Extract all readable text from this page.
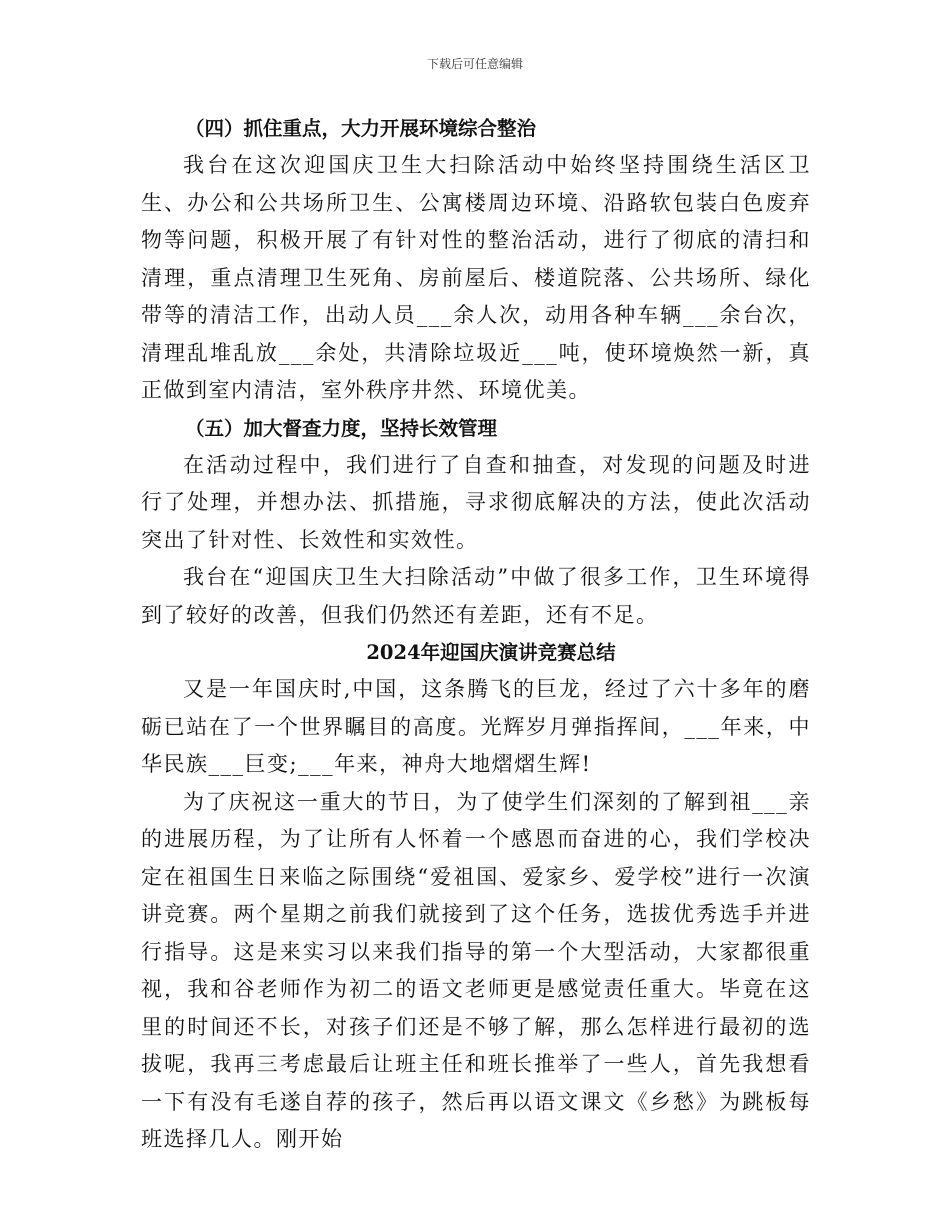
下载后可任意编辑
（四）抓住重点，大力开展环境综合整治

我台在这次迎国庆卫生大扫除活动中始终坚持围绕生活区卫生、办公和公共场所卫生、公寓楼周边环境、沿路软包装白色废弃物等问题，积极开展了有针对性的整治活动，进行了彻底的清扫和清理，重点清理卫生死角、房前屋后、楼道院落、公共场所、绿化带等的清洁工作，出动人员___余人次，动用各种车辆___余台次，清理乱堆乱放___余处，共清除垃圾近___吨，使环境焕然一新，真正做到室内清洁，室外秩序井然、环境优美。

（五）加大督查力度，坚持长效管理

在活动过程中，我们进行了自查和抽查，对发现的问题及时进行了处理，并想办法、抓措施，寻求彻底解决的方法，使此次活动突出了针对性、长效性和实效性。

我台在“迎国庆卫生大扫除活动”中做了很多工作，卫生环境得到了较好的改善，但我们仍然还有差距，还有不足。

2024年迎国庆演讲竞赛总结

又是一年国庆时,中国，这条腾飞的巨龙，经过了六十多年的磨砺已站在了一个世界瞩目的高度。光辉岁月弹指挥间，___年来，中华民族___巨变;___年来，神舟大地熠熠生辉!

为了庆祝这一重大的节日，为了使学生们深刻的了解到祖___亲的进展历程，为了让所有人怀着一个感恩而奋进的心，我们学校决定在祖国生日来临之际围绕“爱祖国、爱家乡、爱学校”进行一次演讲竞赛。两个星期之前我们就接到了这个任务，选拔优秀选手并进行指导。这是来实习以来我们指导的第一个大型活动，大家都很重视，我和谷老师作为初二的语文老师更是感觉责任重大。毕竟在这里的时间还不长，对孩子们还是不够了解，那么怎样进行最初的选拔呢，我再三考虑最后让班主任和班长推举了一些人，首先我想看一下有没有毛遂自荐的孩子，然后再以语文课文《乡愁》为跳板每班选择几人。刚开始
